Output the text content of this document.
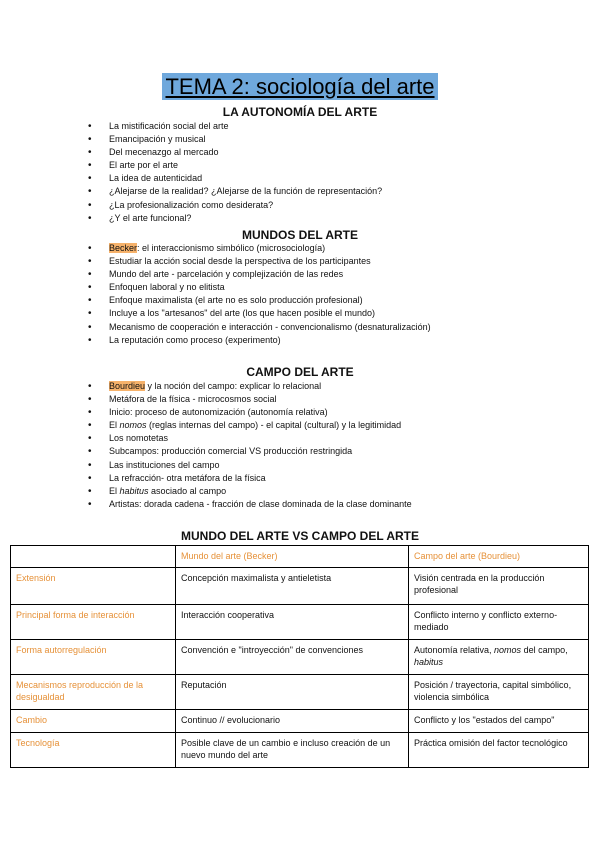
TEMA 2: sociología del arte
LA AUTONOMÍA DEL ARTE
• La mistificación social del arte
• Emancipación y musical
• Del mecenazgo al mercado
• El arte por el arte
• La idea de autenticidad
• ¿Alejarse de la realidad? ¿Alejarse de la función de representación?
• ¿La profesionalización como desiderata?
• ¿Y el arte funcional?
MUNDOS DEL ARTE
• Becker: el interaccionismo simbólico (microsociología)
• Estudiar la acción social desde la perspectiva de los participantes
• Mundo del arte - parcelación y complejización de las redes
• Enfoquen laboral y no elitista
• Enfoque maximalista (el arte no es solo producción profesional)
• Incluye a los "artesanos" del arte (los que hacen posible el mundo)
• Mecanismo de cooperación e interacción - convencionalismo (desnaturalización)
• La reputación como proceso (experimento)
CAMPO DEL ARTE
• Bourdieu y la noción del campo: explicar lo relacional
• Metáfora de la física - microcosmos social
• Inicio: proceso de autonomización (autonomía relativa)
• El nomos (reglas internas del campo) - el capital (cultural) y la legitimidad
• Los nomotetas
• Subcampos: producción comercial VS producción restringida
• Las instituciones del campo
• La refracción- otra metáfora de la física
• El habitus asociado al campo
• Artistas: dorada cadena - fracción de clase dominada de la clase dominante
MUNDO DEL ARTE VS CAMPO DEL ARTE
	Mundo del arte (Becker)	Campo del arte (Bourdieu)
Extensión	Concepción maximalista y antieletista	Visión centrada en la producción profesional
Principal forma de interacción	Interacción cooperativa	Conflicto interno y conflicto externo-mediado
Forma autorregulación	Convención e "introyección" de convenciones	Autonomía relativa, nomos del campo, habitus
Mecanismos reproducción de la desigualdad	Reputación	Posición / trayectoria, capital simbólico, violencia simbólica
Cambio	Continuo // evolucionario	Conflicto y los "estados del campo"
Tecnología	Posible clave de un cambio e incluso creación de un nuevo mundo del arte	Práctica omisión del factor tecnológico
